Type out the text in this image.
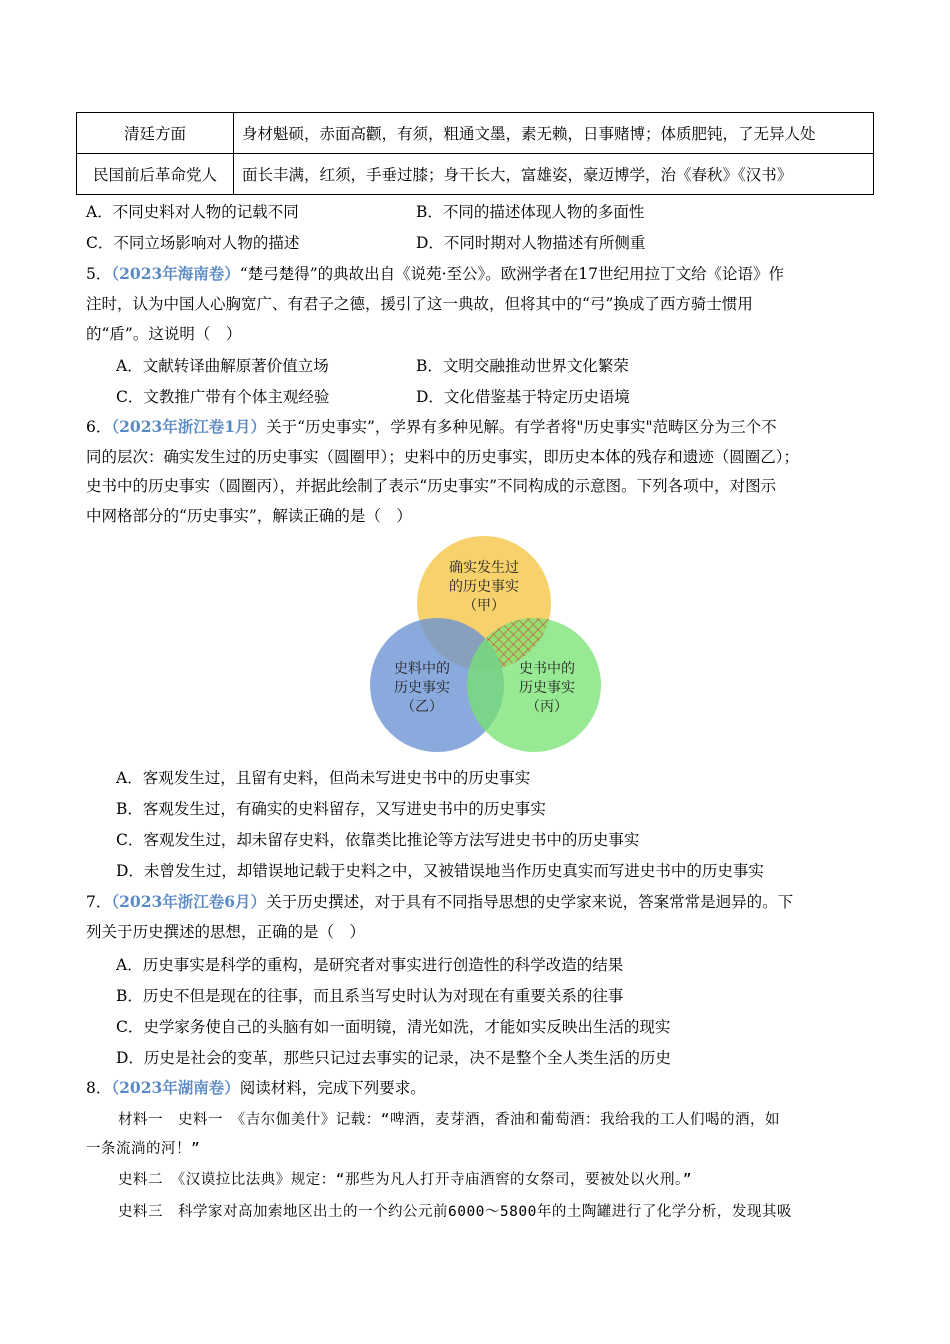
清廷方面	身材魁硕，赤面高颧，有须，粗通文墨，素无赖，日事赌博；体质肥钝，了无异人处
民国前后革命党人	面长丰满，红须，手垂过膝；身干长大，富雄姿，豪迈博学，治《春秋》《汉书》
A．不同史料对人物的记载不同	B．不同的描述体现人物的多面性
C．不同立场影响对人物的描述	D．不同时期对人物描述有所侧重
5．（2023年海南卷）“楚弓楚得”的典故出自《说苑·至公》。欧洲学者在17世纪用拉丁文给《论语》作
注时，认为中国人心胸宽广、有君子之德，援引了这一典故，但将其中的“弓”换成了西方骑士惯用
的“盾”。这说明（　）
A．文献转译曲解原著价值立场	B．文明交融推动世界文化繁荣
C．文教推广带有个体主观经验	D．文化借鉴基于特定历史语境
6．（2023年浙江卷1月）关于“历史事实”，学界有多种见解。有学者将"历史事实"范畴区分为三个不
同的层次：确实发生过的历史事实（圆圈甲）；史料中的历史事实，即历史本体的残存和遗迹（圆圈乙）；
史书中的历史事实（圆圈丙），并据此绘制了表示“历史事实”不同构成的示意图。下列各项中，对图示
中网格部分的“历史事实”，解读正确的是（　）
确实发生过
的历史事实
（甲）
史料中的
历史事实
（乙）
史书中的
历史事实
（丙）
A．客观发生过，且留有史料，但尚未写进史书中的历史事实
B．客观发生过，有确实的史料留存，又写进史书中的历史事实
C．客观发生过，却未留存史料，依靠类比推论等方法写进史书中的历史事实
D．未曾发生过，却错误地记载于史料之中，又被错误地当作历史真实而写进史书中的历史事实
7．（2023年浙江卷6月）关于历史撰述，对于具有不同指导思想的史学家来说，答案常常是迥异的。下
列关于历史撰述的思想，正确的是（　）
A．历史事实是科学的重构，是研究者对事实进行创造性的科学改造的结果
B．历史不但是现在的往事，而且系当写史时认为对现在有重要关系的往事
C．史学家务使自己的头脑有如一面明镜，清光如洗，才能如实反映出生活的现实
D．历史是社会的变革，那些只记过去事实的记录，决不是整个全人类生活的历史
8．（2023年湖南卷）阅读材料，完成下列要求。
材料一　史料一　《吉尔伽美什》记载：“啤酒，麦芽酒，香油和葡萄酒：我给我的工人们喝的酒，如
一条流淌的河！”
史料二　《汉谟拉比法典》规定：“那些为凡人打开寺庙酒窖的女祭司，要被处以火刑。”
史料三　科学家对高加索地区出土的一个约公元前6000～5800年的土陶罐进行了化学分析，发现其吸
